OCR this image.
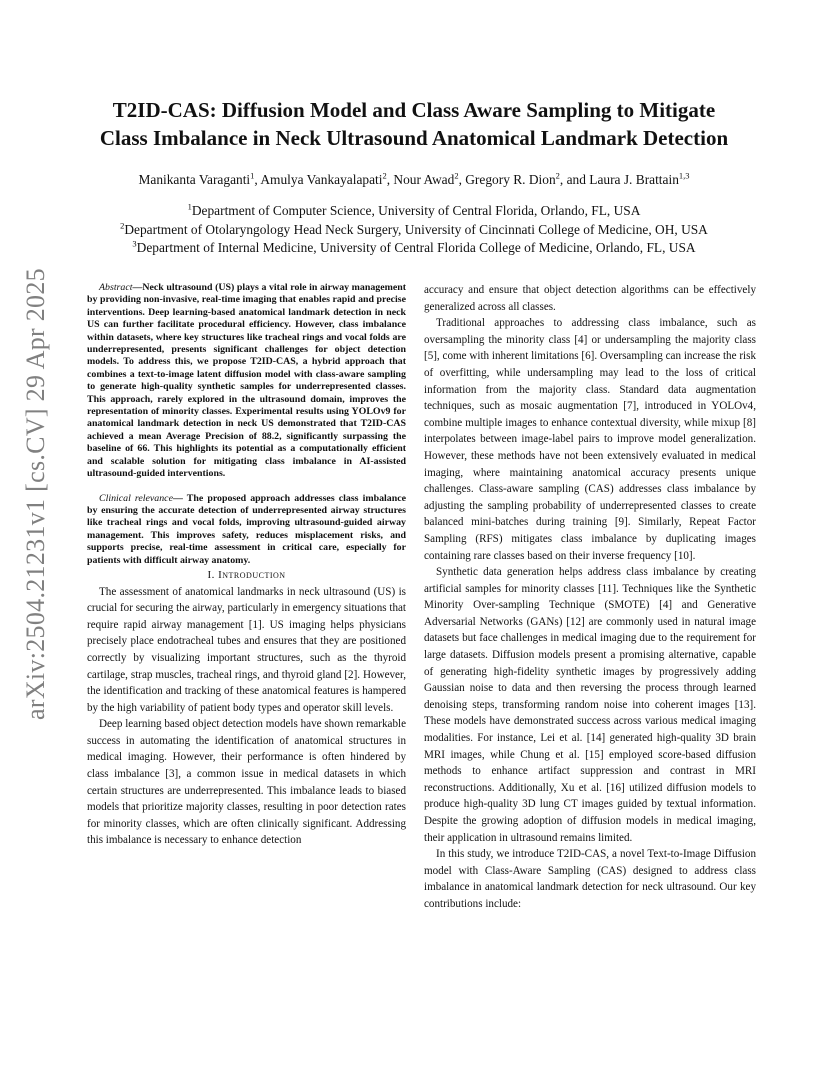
arXiv:2504.21231v1 [cs.CV] 29 Apr 2025
T2ID-CAS: Diffusion Model and Class Aware Sampling to Mitigate
Class Imbalance in Neck Ultrasound Anatomical Landmark Detection
Manikanta Varaganti$^1$, Amulya Vankayalapati$^2$, Nour Awad$^2$, Gregory R. Dion$^2$, and Laura J. Brattain$^{1,3}$
$^1$Department of Computer Science, University of Central Florida, Orlando, FL, USA
$^2$Department of Otolaryngology Head Neck Surgery, University of Cincinnati College of Medicine, OH, USA
$^3$Department of Internal Medicine, University of Central Florida College of Medicine, Orlando, FL, USA

Abstract—Neck ultrasound (US) plays a vital role in airway management by providing non-invasive, real-time imaging that enables rapid and precise interventions. Deep learning-based anatomical landmark detection in neck US can further facilitate procedural efficiency. However, class imbalance within datasets, where key structures like tracheal rings and vocal folds are underrepresented, presents significant challenges for object detection models. To address this, we propose T2ID-CAS, a hybrid approach that combines a text-to-image latent diffusion model with class-aware sampling to generate high-quality synthetic samples for underrepresented classes. This approach, rarely explored in the ultrasound domain, improves the representation of minority classes. Experimental results using YOLOv9 for anatomical landmark detection in neck US demonstrated that T2ID-CAS achieved a mean Average Precision of 88.2, significantly surpassing the baseline of 66. This highlights its potential as a computationally efficient and scalable solution for mitigating class imbalance in AI-assisted ultrasound-guided interventions.

Clinical relevance— The proposed approach addresses class imbalance by ensuring the accurate detection of underrepresented airway structures like tracheal rings and vocal folds, improving ultrasound-guided airway management. This improves safety, reduces misplacement risks, and supports precise, real-time assessment in critical care, especially for patients with difficult airway anatomy.

I. Introduction

The assessment of anatomical landmarks in neck ultrasound (US) is crucial for securing the airway, particularly in emergency situations that require rapid airway management [1]. US imaging helps physicians precisely place endotracheal tubes and ensures that they are positioned correctly by visualizing important structures, such as the thyroid cartilage, strap muscles, tracheal rings, and thyroid gland [2]. However, the identification and tracking of these anatomical features is hampered by the high variability of patient body types and operator skill levels.

Deep learning based object detection models have shown remarkable success in automating the identification of anatomical structures in medical imaging. However, their performance is often hindered by class imbalance [3], a common issue in medical datasets in which certain structures are underrepresented. This imbalance leads to biased models that prioritize majority classes, resulting in poor detection rates for minority classes, which are often clinically significant. Addressing this imbalance is necessary to enhance detection

accuracy and ensure that object detection algorithms can be effectively generalized across all classes.

Traditional approaches to addressing class imbalance, such as oversampling the minority class [4] or undersampling the majority class [5], come with inherent limitations [6]. Oversampling can increase the risk of overfitting, while undersampling may lead to the loss of critical information from the majority class. Standard data augmentation techniques, such as mosaic augmentation [7], introduced in YOLOv4, combine multiple images to enhance contextual diversity, while mixup [8] interpolates between image-label pairs to improve model generalization. However, these methods have not been extensively evaluated in medical imaging, where maintaining anatomical accuracy presents unique challenges. Class-aware sampling (CAS) addresses class imbalance by adjusting the sampling probability of underrepresented classes to create balanced mini-batches during training [9]. Similarly, Repeat Factor Sampling (RFS) mitigates class imbalance by duplicating images containing rare classes based on their inverse frequency [10].

Synthetic data generation helps address class imbalance by creating artificial samples for minority classes [11]. Techniques like the Synthetic Minority Over-sampling Technique (SMOTE) [4] and Generative Adversarial Networks (GANs) [12] are commonly used in natural image datasets but face challenges in medical imaging due to the requirement for large datasets. Diffusion models present a promising alternative, capable of generating high-fidelity synthetic images by progressively adding Gaussian noise to data and then reversing the process through learned denoising steps, transforming random noise into coherent images [13]. These models have demonstrated success across various medical imaging modalities. For instance, Lei et al. [14] generated high-quality 3D brain MRI images, while Chung et al. [15] employed score-based diffusion methods to enhance artifact suppression and contrast in MRI reconstructions. Additionally, Xu et al. [16] utilized diffusion models to produce high-quality 3D lung CT images guided by textual information. Despite the growing adoption of diffusion models in medical imaging, their application in ultrasound remains limited.

In this study, we introduce T2ID-CAS, a novel Text-to-Image Diffusion model with Class-Aware Sampling (CAS) designed to address class imbalance in anatomical landmark detection for neck ultrasound. Our key contributions include:
